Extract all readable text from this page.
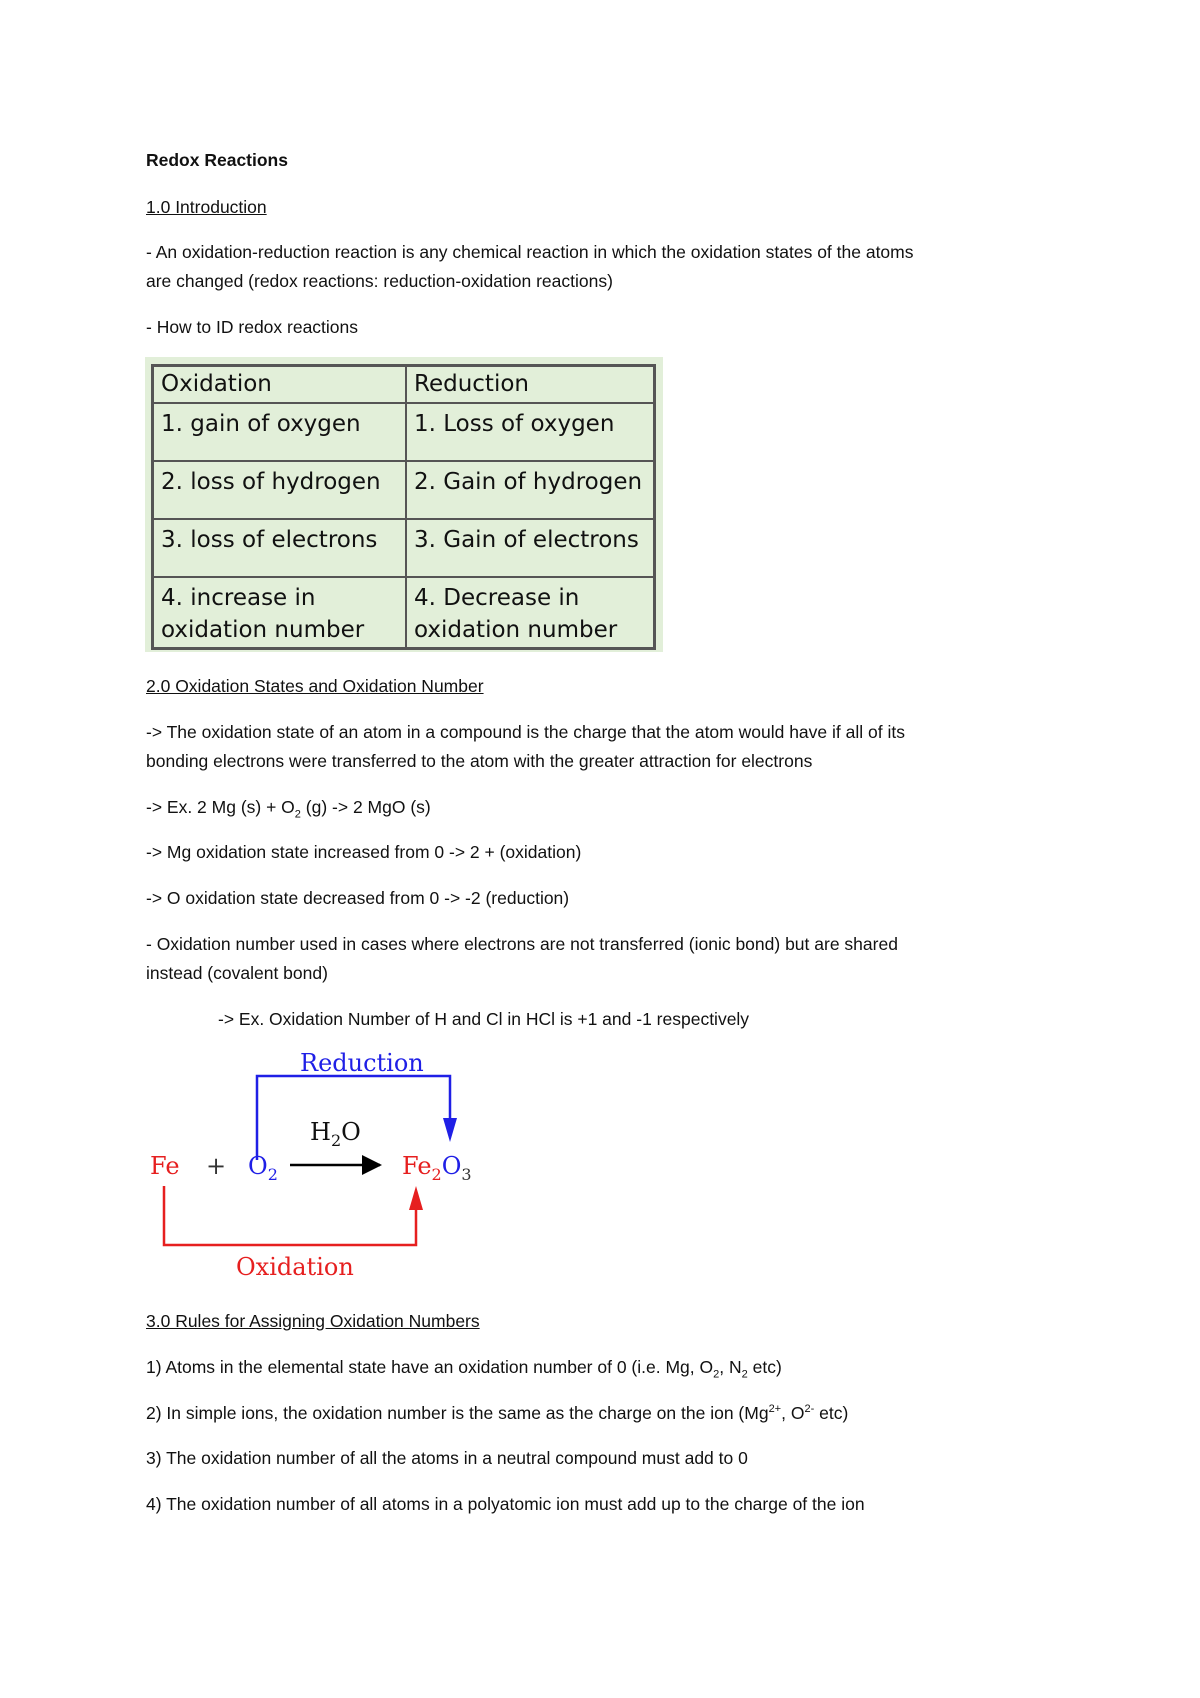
Redox Reactions

1.0 Introduction

- An oxidation-reduction reaction is any chemical reaction in which the oxidation states of the atoms

are changed (redox reactions: reduction-oxidation reactions)

- How to ID redox reactions

Oxidation	Reduction
1. gain of oxygen	1. Loss of oxygen
2. loss of hydrogen	2. Gain of hydrogen
3. loss of electrons	3. Gain of electrons
4. increase in oxidation number	4. Decrease in oxidation number

2.0 Oxidation States and Oxidation Number

-> The oxidation state of an atom in a compound is the charge that the atom would have if all of its

bonding electrons were transferred to the atom with the greater attraction for electrons

-> Ex. 2 Mg $(s) + O_2$ (g) -> 2 MgO (s)

-> Mg oxidation state increased from 0 -> 2 + (oxidation)

-> O oxidation state decreased from 0 -> -2 (reduction)

- Oxidation number used in cases where electrons are not transferred (ionic bond) but are shared

instead (covalent bond)

-> Ex. Oxidation Number of H and Cl in HCl is +1 and -1 respectively

Reduction
Oxidation
$Fe + O_2$
$H_2O$
$Fe_2O_3$

3.0 Rules for Assigning Oxidation Numbers

1) Atoms in the elemental state have an oxidation number of 0 (i.e. Mg, $O_2$, $N_2$ etc)

2) In simple ions, the oxidation number is the same as the charge on the ion ($Mg^{2+}$, $O^{2-}$ etc)

3) The oxidation number of all the atoms in a neutral compound must add to 0

4) The oxidation number of all atoms in a polyatomic ion must add up to the charge of the ion
